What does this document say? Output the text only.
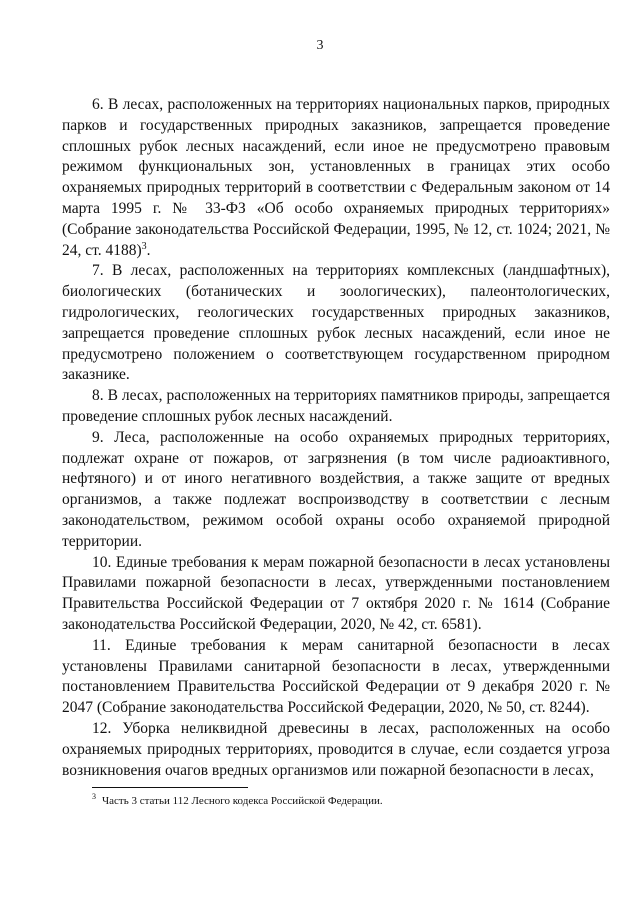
3

6. В лесах, расположенных на территориях национальных парков, природных парков и государственных природных заказников, запрещается проведение сплошных рубок лесных насаждений, если иное не предусмотрено правовым режимом функциональных зон, установленных в границах этих особо охраняемых природных территорий в соответствии с Федеральным законом от 14 марта 1995 г. № 33-ФЗ «Об особо охраняемых природных территориях» (Собрание законодательства Российской Федерации, 1995, № 12, ст. 1024; 2021, № 24, ст. 4188)$^3$.

7. В лесах, расположенных на территориях комплексных (ландшафтных), биологических (ботанических и зоологических), палеонтологических, гидрологических, геологических государственных природных заказников, запрещается проведение сплошных рубок лесных насаждений, если иное не предусмотрено положением о соответствующем государственном природном заказнике.

8. В лесах, расположенных на территориях памятников природы, запрещается проведение сплошных рубок лесных насаждений.

9. Леса, расположенные на особо охраняемых природных территориях, подлежат охране от пожаров, от загрязнения (в том числе радиоактивного, нефтяного) и от иного негативного воздействия, а также защите от вредных организмов, а также подлежат воспроизводству в соответствии с лесным законодательством, режимом особой охраны особо охраняемой природной территории.

10. Единые требования к мерам пожарной безопасности в лесах установлены Правилами пожарной безопасности в лесах, утвержденными постановлением Правительства Российской Федерации от 7 октября 2020 г. № 1614 (Собрание законодательства Российской Федерации, 2020, № 42, ст. 6581).

11. Единые требования к мерам санитарной безопасности в лесах установлены Правилами санитарной безопасности в лесах, утвержденными постановлением Правительства Российской Федерации от 9 декабря 2020 г. № 2047 (Собрание законодательства Российской Федерации, 2020, № 50, ст. 8244).

12. Уборка неликвидной древесины в лесах, расположенных на особо охраняемых природных территориях, проводится в случае, если создается угроза возникновения очагов вредных организмов или пожарной безопасности в лесах,

$^3$ Часть 3 статьи 112 Лесного кодекса Российской Федерации.
